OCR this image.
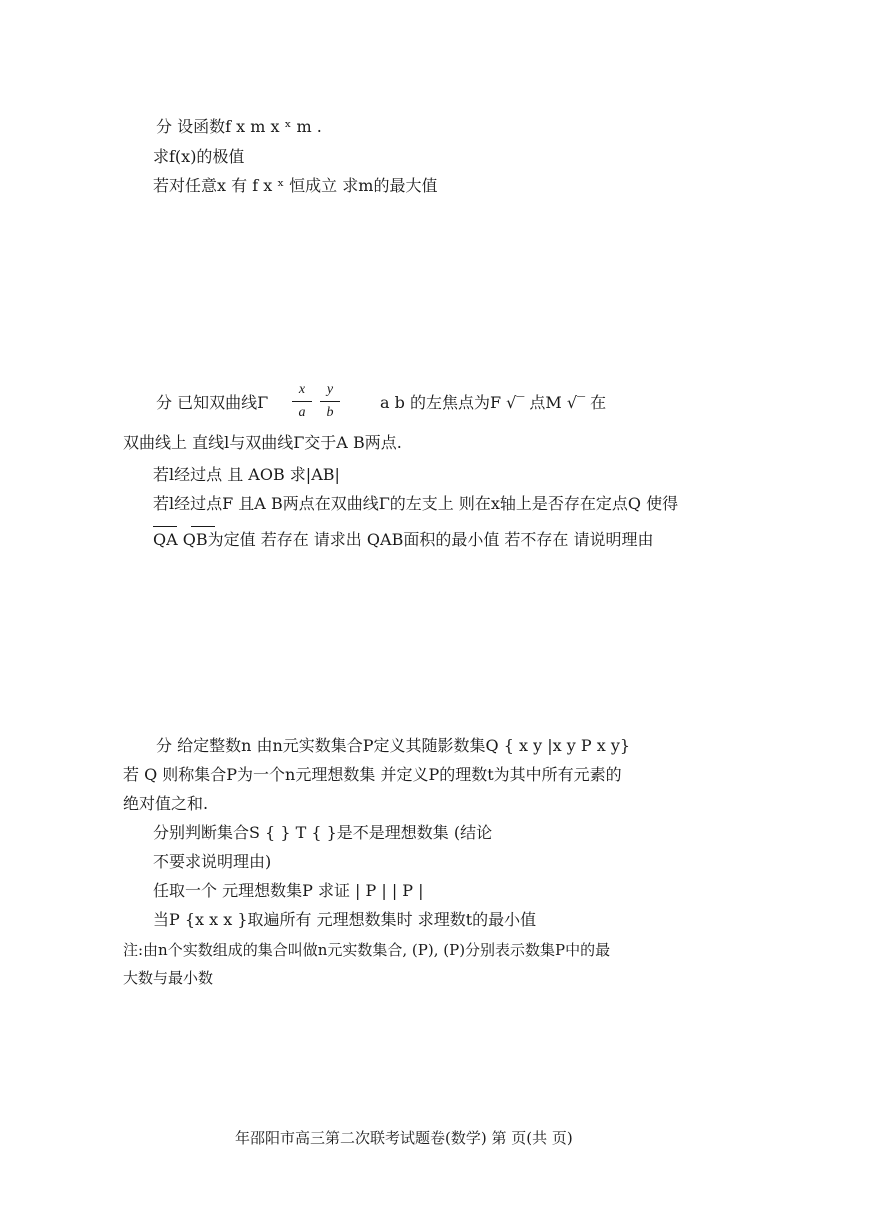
分 设函数f x m x ˣ m .
求f(x)的极值
若对任意x 有 f x ˣ 恒成立 求m的最大值
分 已知双曲线Γ
x
a
y
b
a b 的左焦点为F √‾ 点M √‾ 在
双曲线上 直线l与双曲线Γ交于A B两点.
若l经过点 且 AOB 求|AB|
若l经过点F 且A B两点在双曲线Γ的左支上 则在x轴上是否存在定点Q 使得
QA QB为定值 若存在 请求出 QAB面积的最小值 若不存在 请说明理由
分 给定整数n 由n元实数集合P定义其随影数集Q { x y |x y P x y}
若 Q 则称集合P为一个n元理想数集 并定义P的理数t为其中所有元素的
绝对值之和.
分别判断集合S { } T { }是不是理想数集 (结论
不要求说明理由)
任取一个 元理想数集P 求证 | P | | P |
当P {x x x }取遍所有 元理想数集时 求理数t的最小值
注:由n个实数组成的集合叫做n元实数集合, (P), (P)分别表示数集P中的最
大数与最小数
年邵阳市高三第二次联考试题卷(数学) 第 页(共 页)
